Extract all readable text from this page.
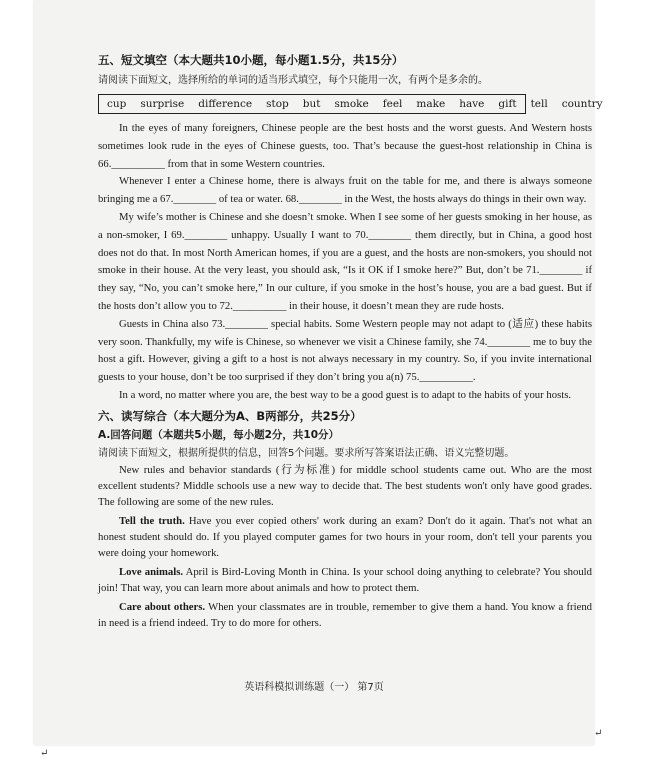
五、短文填空（本大题共10小题，每小题1.5分，共15分）
请阅读下面短文，选择所给的单词的适当形式填空，每个只能用一次，有两个是多余的。
cup surprise difference stop but smoke feel make have gift tell country

In the eyes of many foreigners, Chinese people are the best hosts and the worst guests. And Western hosts sometimes look rude in the eyes of Chinese guests, too. That’s because the guest-host relationship in China is 66.__________ from that in some Western countries.

Whenever I enter a Chinese home, there is always fruit on the table for me, and there is always someone bringing me a 67.________ of tea or water. 68.________ in the West, the hosts always do things in their own way.

My wife’s mother is Chinese and she doesn’t smoke. When I see some of her guests smoking in her house, as a non-smoker, I 69.________ unhappy. Usually I want to 70.________ them directly, but in China, a good host does not do that. In most North American homes, if you are a guest, and the hosts are non-smokers, you should not smoke in their house. At the very least, you should ask, “Is it OK if I smoke here?” But, don’t be 71.________ if they say, “No, you can’t smoke here,” In our culture, if you smoke in the host’s house, you are a bad guest. But if the hosts don’t allow you to 72.__________ in their house, it doesn’t mean they are rude hosts.

Guests in China also 73.________ special habits. Some Western people may not adapt to (适应) these habits very soon. Thankfully, my wife is Chinese, so whenever we visit a Chinese family, she 74.________ me to buy the host a gift. However, giving a gift to a host is not always necessary in my country. So, if you invite international guests to your house, don’t be too surprised if they don’t bring you a(n) 75.__________.

In a word, no matter where you are, the best way to be a good guest is to adapt to the habits of your hosts.

六、读写综合（本大题分为A、B两部分，共25分）
A.回答问题（本题共5小题，每小题2分，共10分）
请阅读下面短文，根据所提供的信息，回答5个问题。要求所写答案语法正确、语义完整切题。

New rules and behavior standards (行为标准) for middle school students came out. Who are the most excellent students? Middle schools use a new way to decide that. The best students won't only have good grades. The following are some of the new rules.

Tell the truth. Have you ever copied others' work during an exam? Don't do it again. That's not what an honest student should do. If you played computer games for two hours in your room, don't tell your parents you were doing your homework.

Love animals. April is Bird-Loving Month in China. Is your school doing anything to celebrate? You should join! That way, you can learn more about animals and how to protect them.

Care about others. When your classmates are in trouble, remember to give them a hand. You know a friend in need is a friend indeed. Try to do more for others.

英语科模拟训练题（一） 第7页
↵
↵
